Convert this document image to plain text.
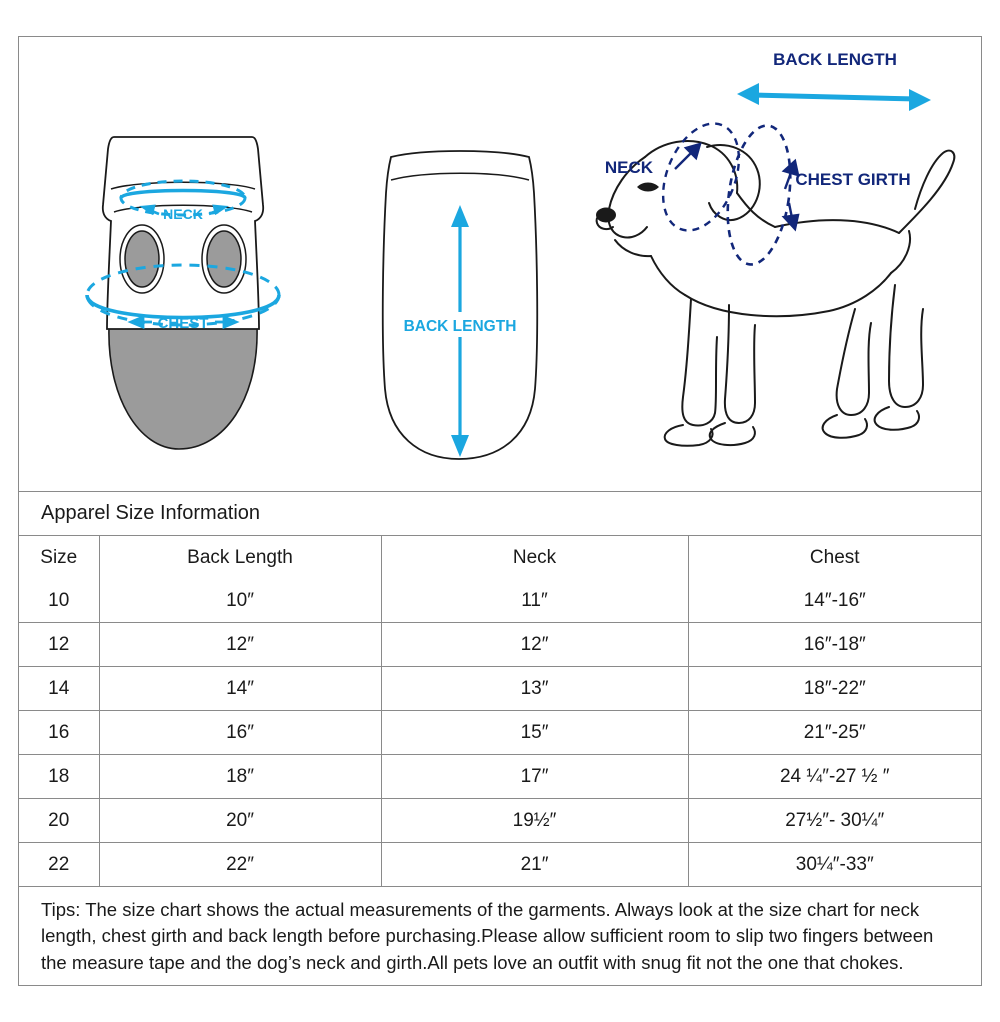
NECK
CHEST	BACK LENGTH
BACK LENGTH
NECK
CHEST GIRTH
Apparel Size Information
Size	Back Length	Neck	Chest
10	10″	11″	14″-16″
12	12″	12″	16″-18″
14	14″	13″	18″-22″
16	16″	15″	21″-25″
18	18″	17″	24 ¼″-27 ½ ″
20	20″	19½″	27½″- 30¼″
22	22″	21″	30¼″-33″
Tips: The size chart shows the actual measurements of the garments. Always look at the size chart for neck length, chest girth and back length before purchasing.Please allow sufficient room to slip two fingers between the measure tape and the dog’s neck and girth.All pets love an outfit with snug fit not the one that chokes.
